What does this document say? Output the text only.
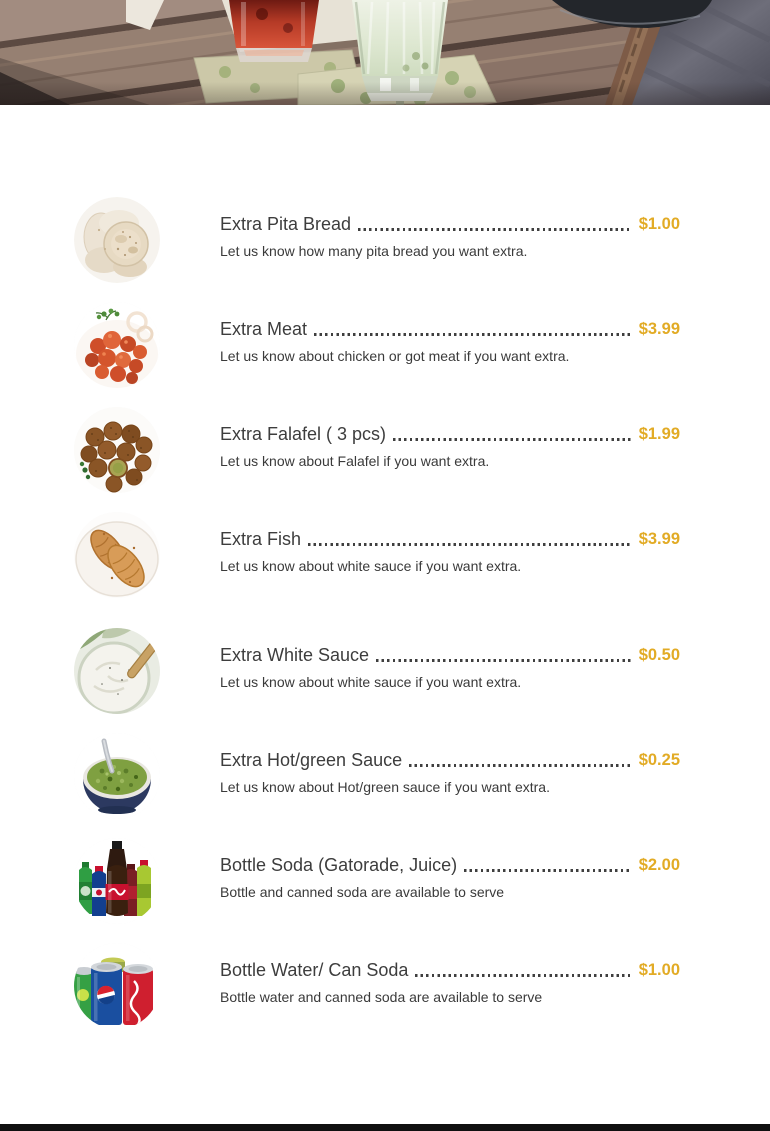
Extra Pita Bread	$1.00
Let us know how many pita bread you want extra.
Extra Meat	$3.99
Let us know about chicken or got meat if you want extra.
Extra Falafel ( 3 pcs)	$1.99
Let us know about Falafel if you want extra.
Extra Fish	$3.99
Let us know about white sauce if you want extra.
Extra White Sauce	$0.50
Let us know about white sauce if you want extra.
Extra Hot/green Sauce	$0.25
Let us know about Hot/green sauce if you want extra.
Bottle Soda (Gatorade, Juice)	$2.00
Bottle and canned soda are available to serve
Bottle Water/ Can Soda	$1.00
Bottle water and canned soda are available to serve
